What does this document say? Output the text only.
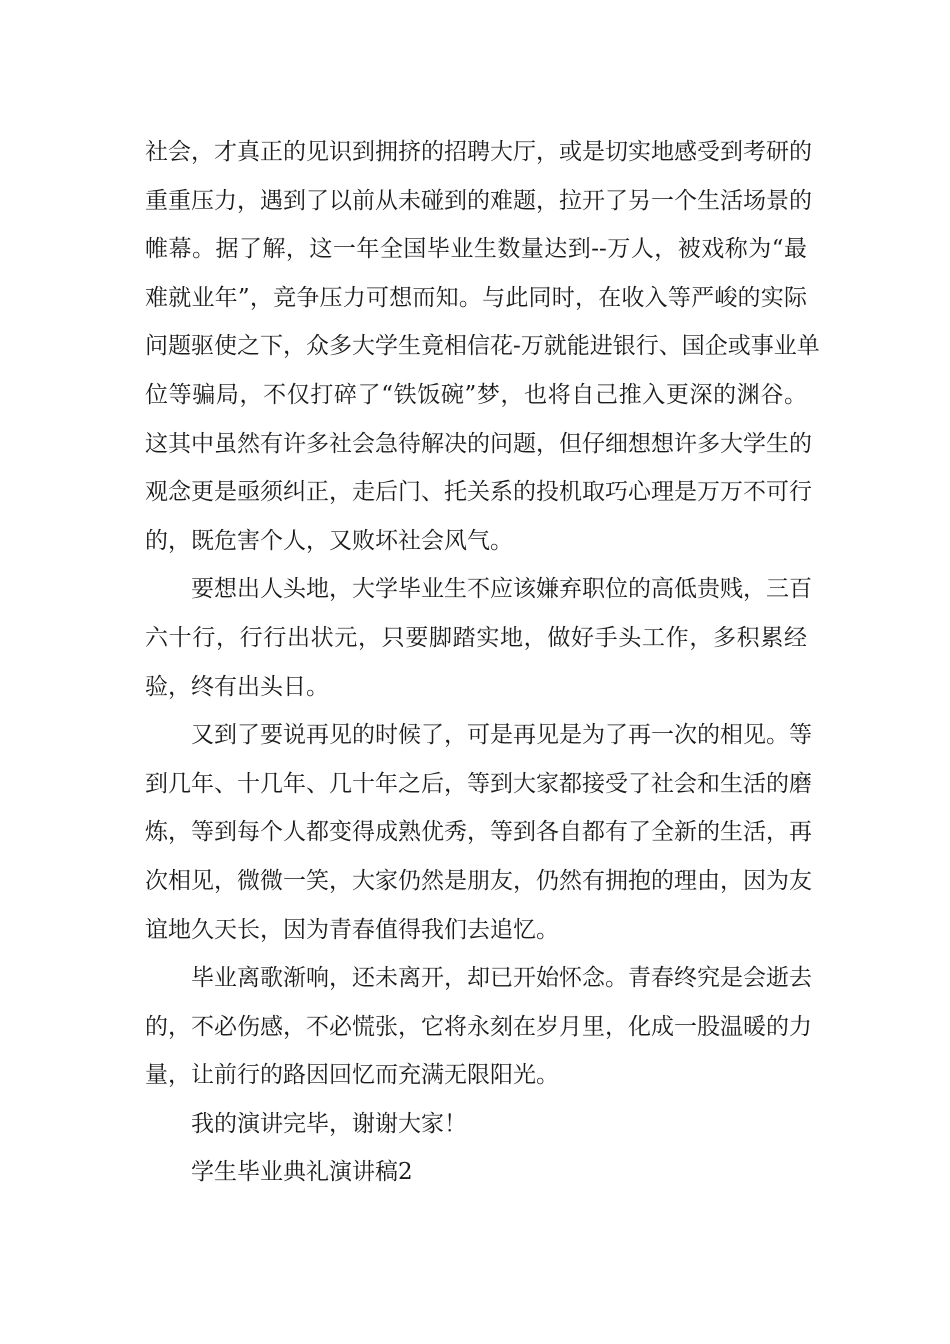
社会，才真正的见识到拥挤的招聘大厅，或是切实地感受到考研的
重重压力，遇到了以前从未碰到的难题，拉开了另一个生活场景的
帷幕。据了解，这一年全国毕业生数量达到--万人，被戏称为“最
难就业年”，竞争压力可想而知。与此同时，在收入等严峻的实际
问题驱使之下，众多大学生竟相信花-万就能进银行、国企或事业单
位等骗局，不仅打碎了“铁饭碗”梦，也将自己推入更深的渊谷。
这其中虽然有许多社会急待解决的问题，但仔细想想许多大学生的
观念更是亟须纠正，走后门、托关系的投机取巧心理是万万不可行
的，既危害个人，又败坏社会风气。
要想出人头地，大学毕业生不应该嫌弃职位的高低贵贱，三百
六十行，行行出状元，只要脚踏实地，做好手头工作，多积累经
验，终有出头日。
又到了要说再见的时候了，可是再见是为了再一次的相见。等
到几年、十几年、几十年之后，等到大家都接受了社会和生活的磨
炼，等到每个人都变得成熟优秀，等到各自都有了全新的生活，再
次相见，微微一笑，大家仍然是朋友，仍然有拥抱的理由，因为友
谊地久天长，因为青春值得我们去追忆。
毕业离歌渐响，还未离开，却已开始怀念。青春终究是会逝去
的，不必伤感，不必慌张，它将永刻在岁月里，化成一股温暖的力
量，让前行的路因回忆而充满无限阳光。
我的演讲完毕，谢谢大家！
学生毕业典礼演讲稿2
